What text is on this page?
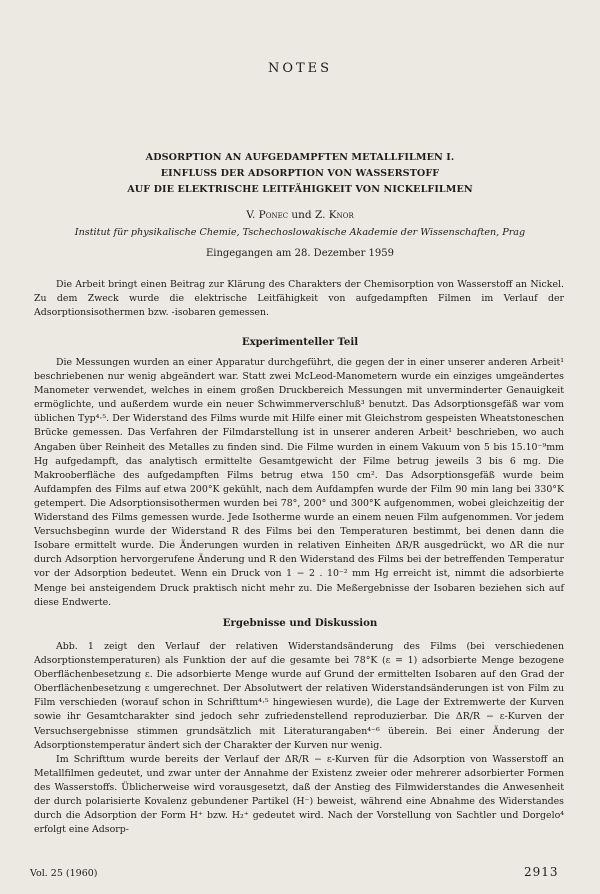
NOTES
ADSORPTION AN AUFGEDAMPFTEN METALLFILMEN I.
EINFLUSS DER ADSORPTION VON WASSERSTOFF
AUF DIE ELEKTRISCHE LEITFÄHIGKEIT VON NICKELFILMEN
V. Ponec und Z. Knor
Institut für physikalische Chemie, Tschechoslowakische Akademie der Wissenschaften, Prag
Eingegangen am 28. Dezember 1959

Die Arbeit bringt einen Beitrag zur Klärung des Charakters der Chemisorption von Wasserstoff an Nickel. Zu dem Zweck wurde die elektrische Leitfähigkeit von aufgedampften Filmen im Verlauf der Adsorptionsisothermen bzw. -isobaren gemessen.

Experimenteller Teil

Die Messungen wurden an einer Apparatur durchgeführt, die gegen der in einer unserer anderen Arbeit¹ beschriebenen nur wenig abgeändert war. Statt zwei McLeod-Manometern wurde ein einziges umgeändertes Manometer verwendet, welches in einem großen Druckbereich Messungen mit unverminderter Genauigkeit ermöglichte, und außerdem wurde ein neuer Schwimmerverschluß³ benutzt. Das Adsorptionsgefäß war vom üblichen Typ⁴·⁵. Der Widerstand des Films wurde mit Hilfe einer mit Gleichstrom gespeisten Wheatstoneschen Brücke gemessen. Das Verfahren der Filmdarstellung ist in unserer anderen Arbeit¹ beschrieben, wo auch Angaben über Reinheit des Metalles zu finden sind. Die Filme wurden in einem Vakuum von 5 bis 15.10⁻⁹mm Hg aufgedampft, das analytisch ermittelte Gesamtgewicht der Filme betrug jeweils 3 bis 6 mg. Die Makrooberfläche des aufgedampften Films betrug etwa 150 cm². Das Adsorptionsgefäß wurde beim Aufdampfen des Films auf etwa 200°K gekühlt, nach dem Aufdampfen wurde der Film 90 min lang bei 330°K getempert. Die Adsorptionsisothermen wurden bei 78°, 200° und 300°K aufgenommen, wobei gleichzeitig der Widerstand des Films gemessen wurde. Jede Isotherme wurde an einem neuen Film aufgenommen. Vor jedem Versuchsbeginn wurde der Widerstand R des Films bei den Temperaturen bestimmt, bei denen dann die Isobare ermittelt wurde. Die Änderungen wurden in relativen Einheiten ΔR/R ausgedrückt, wo ΔR die nur durch Adsorption hervorgerufene Änderung und R den Widerstand des Films bei der betreffenden Temperatur vor der Adsorption bedeutet. Wenn ein Druck von 1 − 2 . 10⁻² mm Hg erreicht ist, nimmt die adsorbierte Menge bei ansteigendem Druck praktisch nicht mehr zu. Die Meßergebnisse der Isobaren beziehen sich auf diese Endwerte.

Ergebnisse und Diskussion

Abb. 1 zeigt den Verlauf der relativen Widerstandsänderung des Films (bei verschiedenen Adsorptionstemperaturen) als Funktion der auf die gesamte bei 78°K (ε = 1) adsorbierte Menge bezogene Oberflächenbesetzung ε. Die adsorbierte Menge wurde auf Grund der ermittelten Isobaren auf den Grad der Oberflächenbesetzung ε umgerechnet. Der Absolutwert der relativen Widerstandsänderungen ist von Film zu Film verschieden (worauf schon in Schrifttum⁴·⁵ hingewiesen wurde), die Lage der Extremwerte der Kurven sowie ihr Gesamtcharakter sind jedoch sehr zufriedenstellend reproduzierbar. Die ΔR/R − ε-Kurven der Versuchsergebnisse stimmen grundsätzlich mit Literaturangaben⁴⁻⁶ überein. Bei einer Änderung der Adsorptionstemperatur ändert sich der Charakter der Kurven nur wenig.

Im Schrifttum wurde bereits der Verlauf der ΔR/R − ε-Kurven für die Adsorption von Wasserstoff an Metallfilmen gedeutet, und zwar unter der Annahme der Existenz zweier oder mehrerer adsorbierter Formen des Wasserstoffs. Üblicherweise wird vorausgesetzt, daß der Anstieg des Filmwiderstandes die Anwesenheit der durch polarisierte Kovalenz gebundener Partikel (H⁻) beweist, während eine Abnahme des Widerstandes durch die Adsorption der Form H⁺ bzw. H₂⁺ gedeutet wird. Nach der Vorstellung von Sachtler und Dorgelo⁴ erfolgt eine Adsorp-

Vol. 25 (1960)	2913
